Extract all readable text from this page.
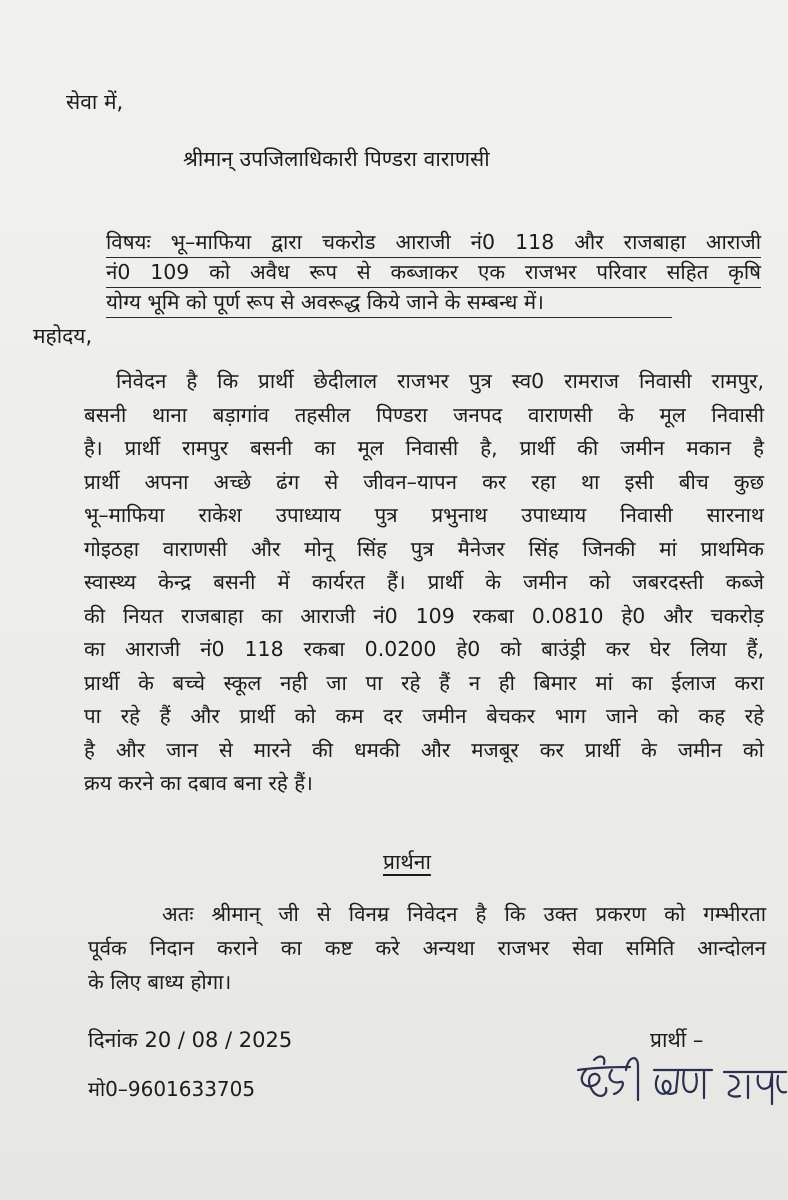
सेवा में,
श्रीमान् उपजिलाधिकारी पिण्डरा वाराणसी
विषयः भू–माफिया द्वारा चकरोड आराजी नं0 118 और राजबाहा आराजी
नं0 109 को अवैध रूप से कब्जाकर एक राजभर परिवार सहित कृषि
योग्य भूमि को पूर्ण रूप से अवरूद्ध किये जाने के सम्बन्ध में।
महोदय,
निवेदन है कि प्रार्थी छेदीलाल राजभर पुत्र स्व0 रामराज निवासी रामपुर,
बसनी थाना बड़ागांव तहसील पिण्डरा जनपद वाराणसी के मूल निवासी
है। प्रार्थी रामपुर बसनी का मूल निवासी है, प्रार्थी की जमीन मकान है
प्रार्थी अपना अच्छे ढंग से जीवन–यापन कर रहा था इसी बीच कुछ
भू–माफिया राकेश उपाध्याय पुत्र प्रभुनाथ उपाध्याय निवासी सारनाथ
गोइठहा वाराणसी और मोनू सिंह पुत्र मैनेजर सिंह जिनकी मां प्राथमिक
स्वास्थ्य केन्द्र बसनी में कार्यरत हैं। प्रार्थी के जमीन को जबरदस्ती कब्जे
की नियत राजबाहा का आराजी नं0 109 रकबा 0.0810 हे0 और चकरोड़
का आराजी नं0 118 रकबा 0.0200 हे0 को बाउंड्री कर घेर लिया हैं,
प्रार्थी के बच्चे स्कूल नही जा पा रहे हैं न ही बिमार मां का ईलाज करा
पा रहे हैं और प्रार्थी को कम दर जमीन बेचकर भाग जाने को कह रहे
है और जान से मारने की धमकी और मजबूर कर प्रार्थी के जमीन को
क्रय करने का दबाव बना रहे हैं।
प्रार्थना
अतः श्रीमान् जी से विनम्र निवेदन है कि उक्त प्रकरण को गम्भीरता
पूर्वक निदान कराने का कष्ट करे अन्यथा राजभर सेवा समिति आन्दोलन
के लिए बाध्य होगा।
दिनांक 20 / 08 / 2025	प्रार्थी –
मो0–9601633705
